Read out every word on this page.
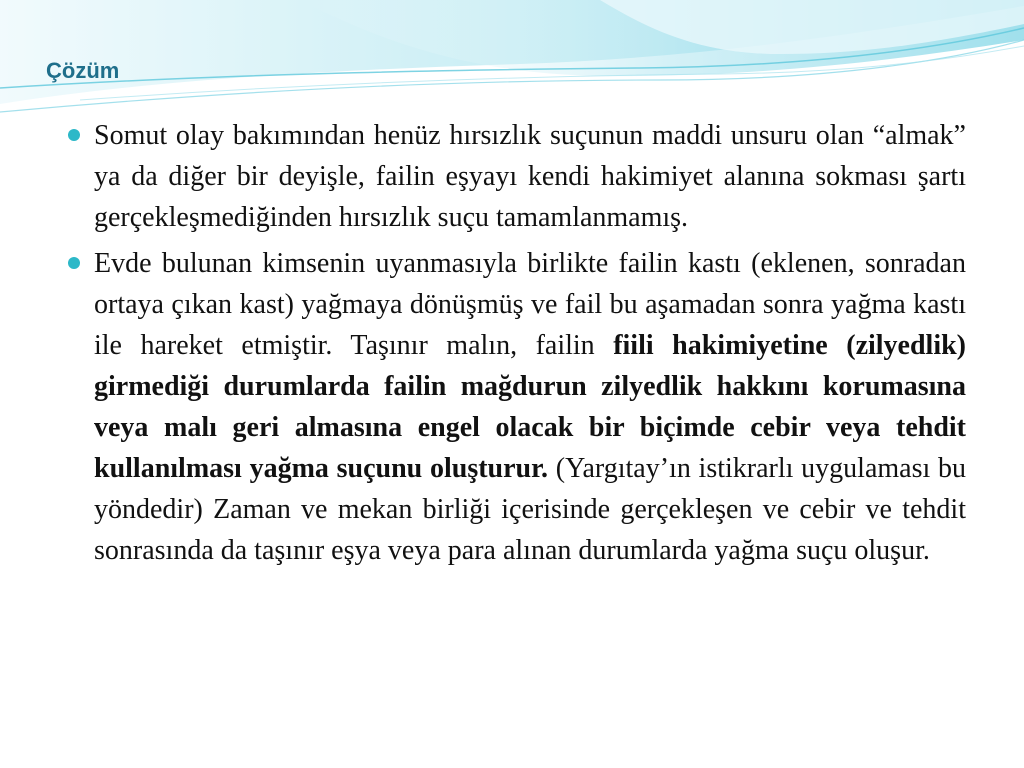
Çözüm
Somut olay bakımından henüz hırsızlık suçunun maddi unsuru olan “almak” ya da diğer bir deyişle, failin eşyayı kendi hakimiyet alanına sokması şartı gerçekleşmediğinden hırsızlık suçu tamamlanmamış.
Evde bulunan kimsenin uyanmasıyla birlikte failin kastı (eklenen, sonradan ortaya çıkan kast) yağmaya dönüşmüş ve fail bu aşamadan sonra yağma kastı ile hareket etmiştir. Taşınır malın, failin fiili hakimiyetine (zilyedlik) girmediği durumlarda failin mağdurun zilyedlik hakkını korumasına veya malı geri almasına engel olacak bir biçimde cebir veya tehdit kullanılması yağma suçunu oluşturur. (Yargıtay’ın istikrarlı uygulaması bu yöndedir) Zaman ve mekan birliği içerisinde gerçekleşen ve cebir ve tehdit sonrasında da taşınır eşya veya para alınan durumlarda yağma suçu oluşur.
